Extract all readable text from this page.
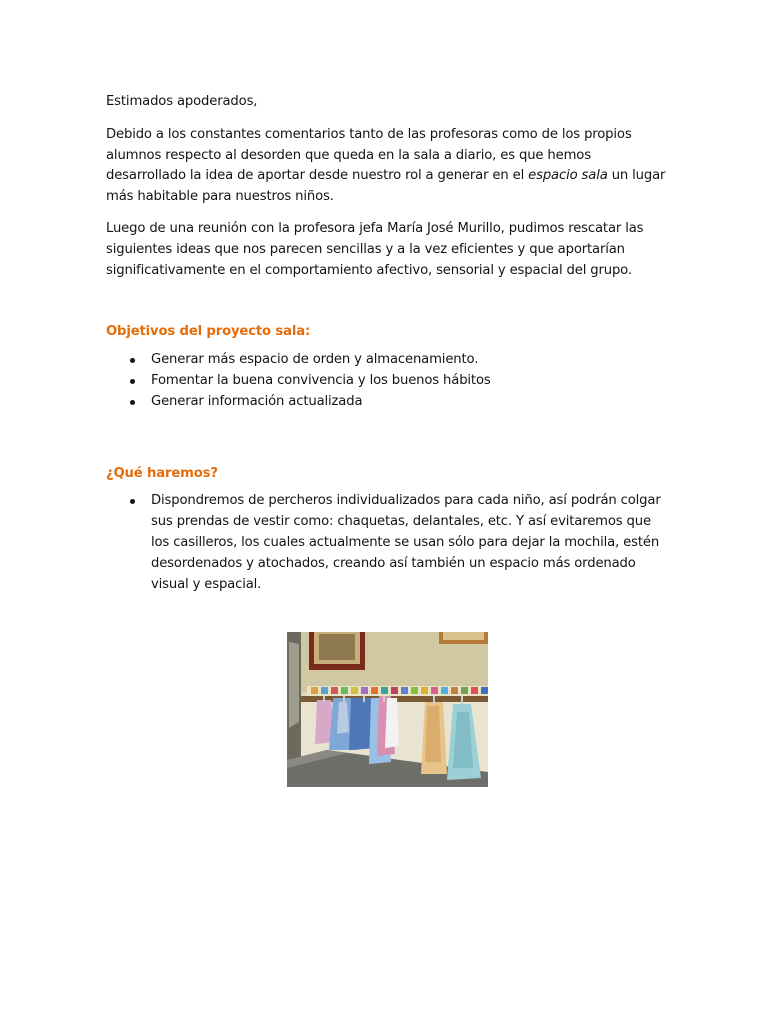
Estimados apoderados,

Debido a los constantes comentarios tanto de las profesoras como de los propios alumnos respecto al desorden que queda en la sala a diario, es que hemos desarrollado la idea de aportar desde nuestro rol a generar en el espacio sala un lugar más habitable para nuestros niños.

Luego de una reunión con la profesora jefa María José Murillo, pudimos rescatar las siguientes ideas que nos parecen sencillas y a la vez eficientes y que aportarían significativamente en el comportamiento afectivo, sensorial y espacial del grupo.

Objetivos del proyecto sala:
Generar más espacio de orden y almacenamiento.
Fomentar la buena convivencia y los buenos hábitos
Generar información actualizada
¿Qué haremos?
Dispondremos de percheros individualizados para cada niño, así podrán colgar sus prendas de vestir como: chaquetas, delantales, etc. Y así evitaremos que los casilleros, los cuales actualmente se usan sólo para dejar la mochila, estén desordenados y atochados, creando así también un espacio más ordenado visual y espacial.
